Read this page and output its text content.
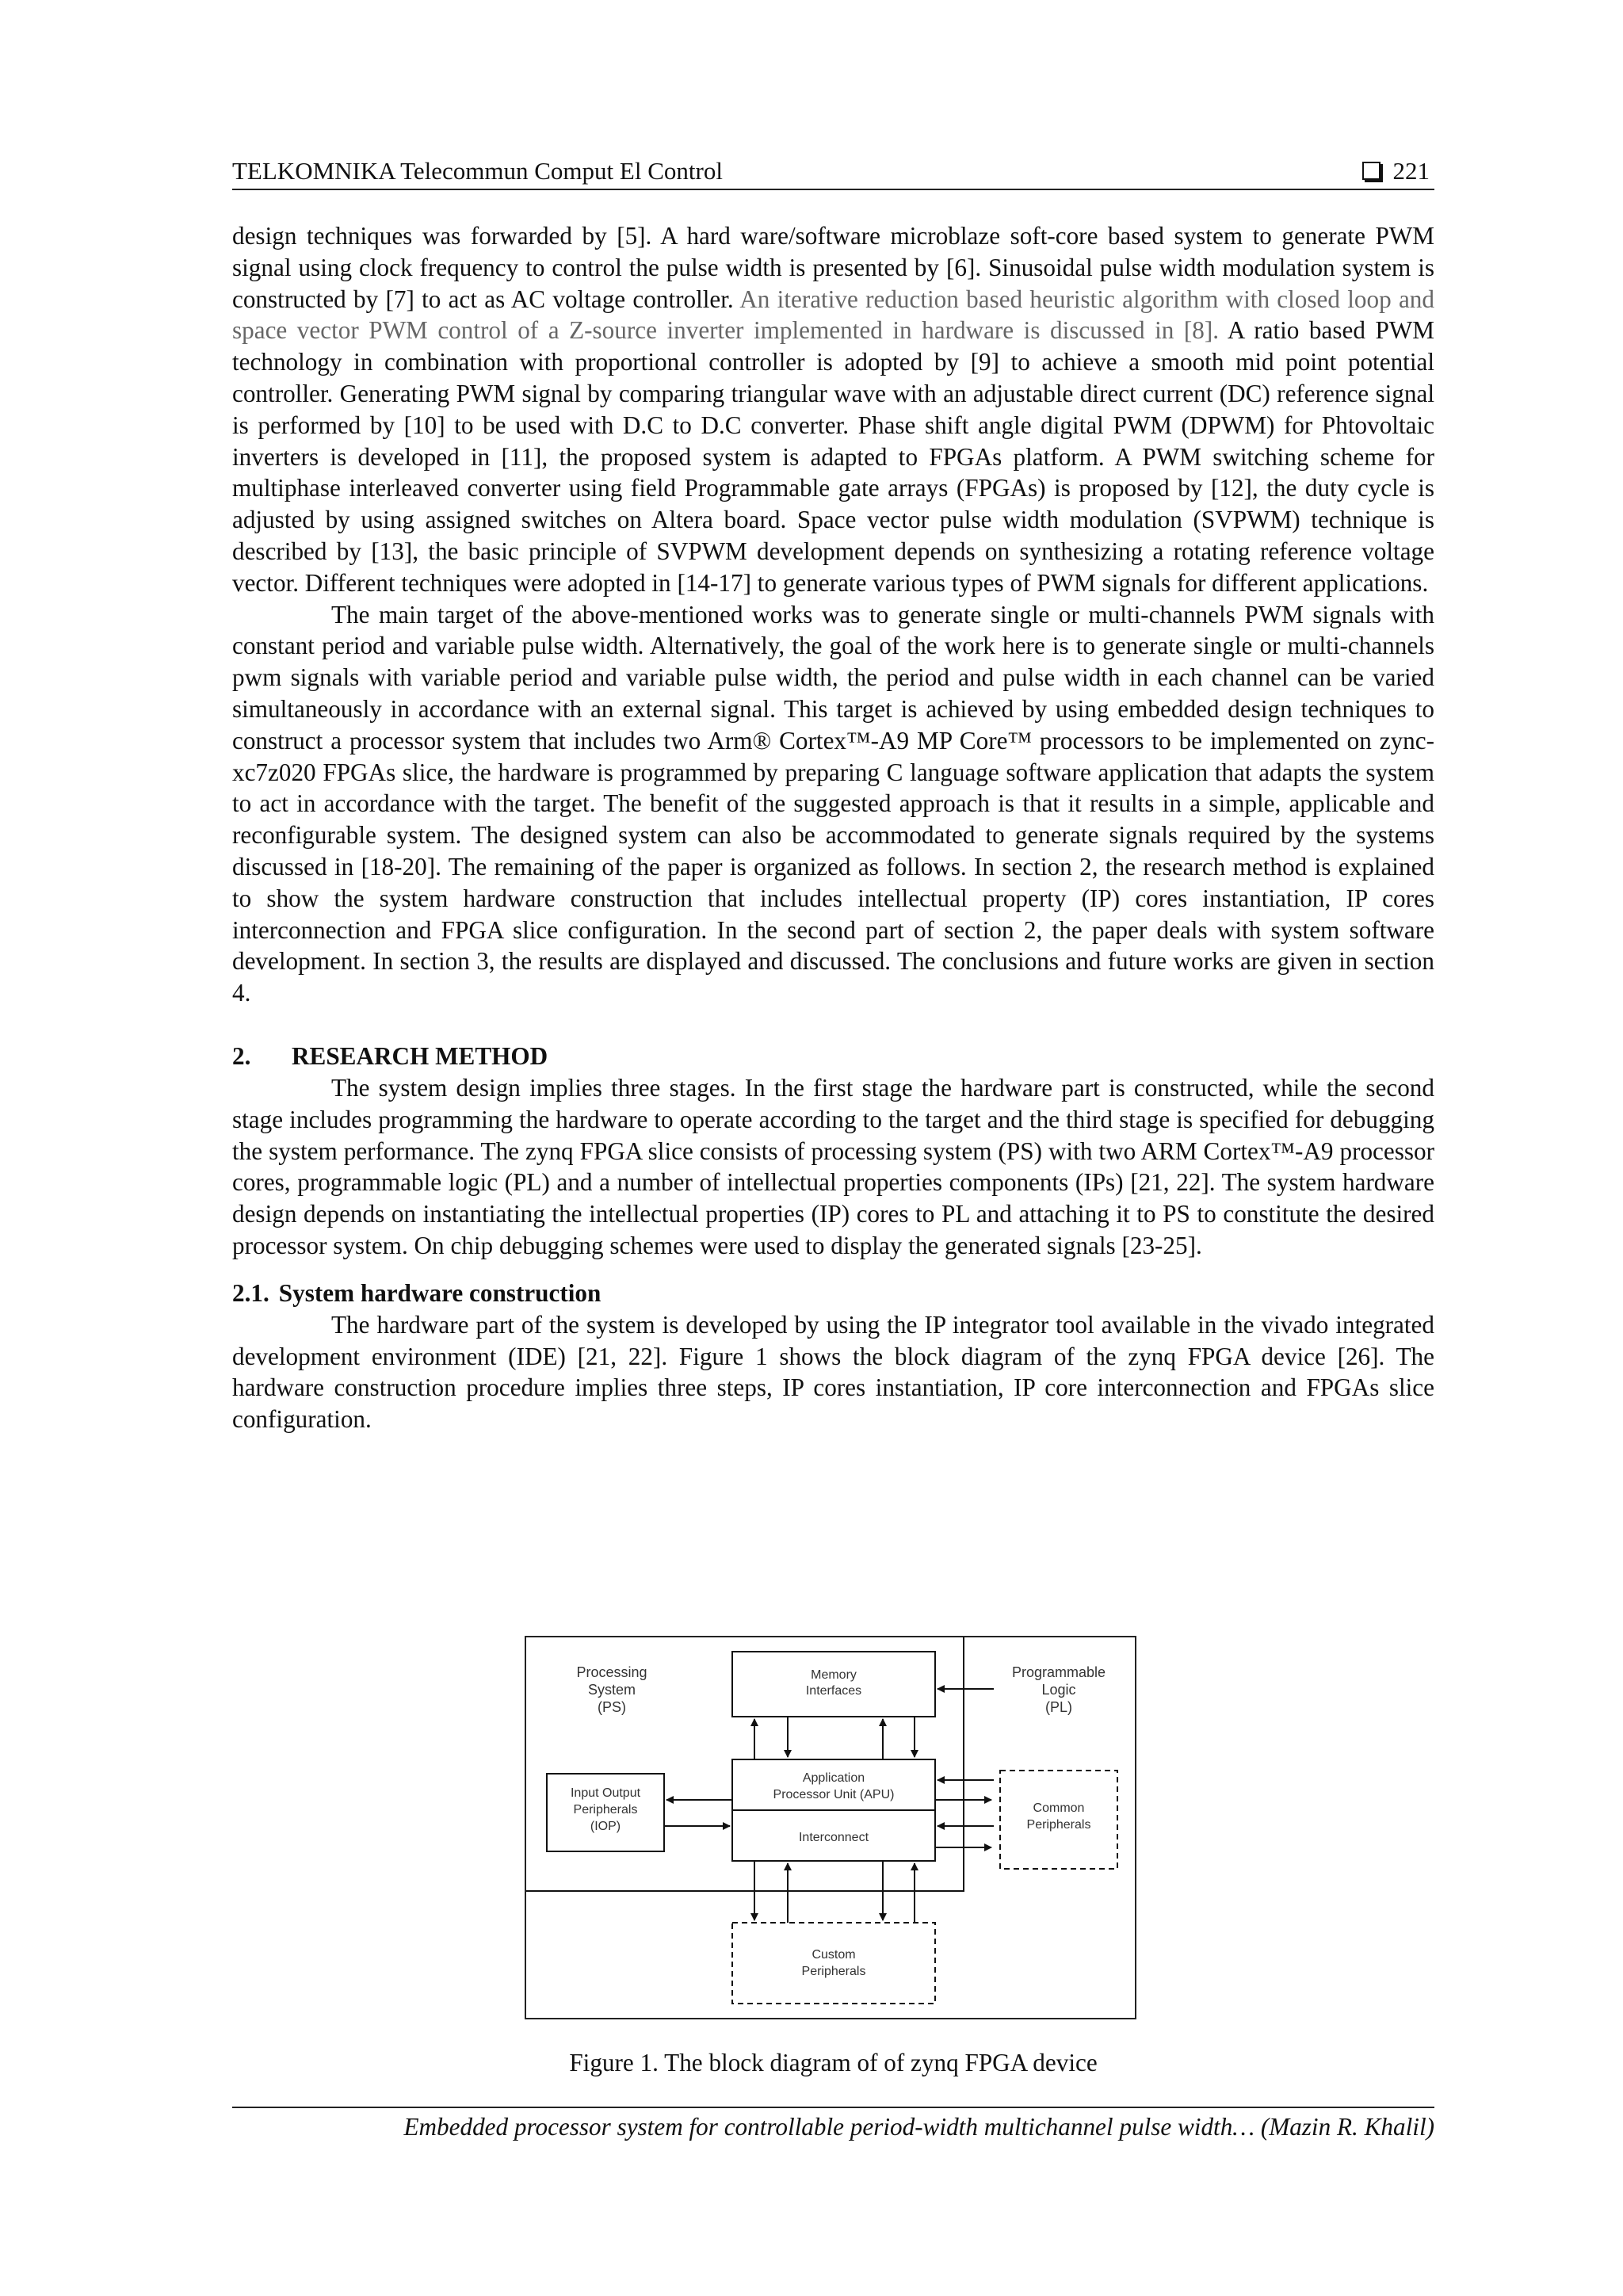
TELKOMNIKA Telecommun Comput El Control	221

design techniques was forwarded by [5]. A hard ware/software microblaze soft-core based system to generate PWM signal using clock frequency to control the pulse width is presented by [6]. Sinusoidal pulse width modulation system is constructed by [7] to act as AC voltage controller. An iterative reduction based heuristic algorithm with closed loop and space vector PWM control of a Z-source inverter implemented in hardware is discussed in [8]. A ratio based PWM technology in combination with proportional controller is adopted by [9] to achieve a smooth mid point potential controller. Generating PWM signal by comparing triangular wave with an adjustable direct current (DC) reference signal is performed by [10] to be used with D.C to D.C converter. Phase shift angle digital PWM (DPWM) for Phtovoltaic inverters is developed in [11], the proposed system is adapted to FPGAs platform. A PWM switching scheme for multiphase interleaved converter using field Programmable gate arrays (FPGAs) is proposed by [12], the duty cycle is adjusted by using assigned switches on Altera board. Space vector pulse width modulation (SVPWM) technique is described by [13], the basic principle of SVPWM development depends on synthesizing a rotating reference voltage vector. Different techniques were adopted in [14-17] to generate various types of PWM signals for different applications.

The main target of the above-mentioned works was to generate single or multi-channels PWM signals with constant period and variable pulse width. Alternatively, the goal of the work here is to generate single or multi-channels pwm signals with variable period and variable pulse width, the period and pulse width in each channel can be varied simultaneously in accordance with an external signal. This target is achieved by using embedded design techniques to construct a processor system that includes two Arm® Cortex™-A9 MP Core™ processors to be implemented on zync-xc7z020 FPGAs slice, the hardware is programmed by preparing C language software application that adapts the system to act in accordance with the target. The benefit of the suggested approach is that it results in a simple, applicable and reconfigurable system. The designed system can also be accommodated to generate signals required by the systems discussed in [18-20]. The remaining of the paper is organized as follows. In section 2, the research method is explained to show the system hardware construction that includes intellectual property (IP) cores instantiation, IP cores interconnection and FPGA slice configuration. In the second part of section 2, the paper deals with system software development. In section 3, the results are displayed and discussed. The conclusions and future works are given in section 4.

2. RESEARCH METHOD

The system design implies three stages. In the first stage the hardware part is constructed, while the second stage includes programming the hardware to operate according to the target and the third stage is specified for debugging the system performance. The zynq FPGA slice consists of processing system (PS) with two ARM Cortex™-A9 processor cores, programmable logic (PL) and a number of intellectual properties components (IPs) [21, 22]. The system hardware design depends on instantiating the intellectual properties (IP) cores to PL and attaching it to PS to constitute the desired processor system. On chip debugging schemes were used to display the generated signals [23-25].

2.1. System hardware construction

The hardware part of the system is developed by using the IP integrator tool available in the vivado integrated development environment (IDE) [21, 22]. Figure 1 shows the block diagram of the zynq FPGA device [26]. The hardware construction procedure implies three steps, IP cores instantiation, IP core interconnection and FPGAs slice configuration.

Processing
System
(PS)
Programmable
Logic
(PL)
Memory
Interfaces
Application
Processor Unit (APU)
Interconnect
Input Output
Peripherals
(IOP)
Common
Peripherals
Custom
Peripherals
Figure 1. The block diagram of of zynq FPGA device
Embedded processor system for controllable period-width multichannel pulse width… (Mazin R. Khalil)
